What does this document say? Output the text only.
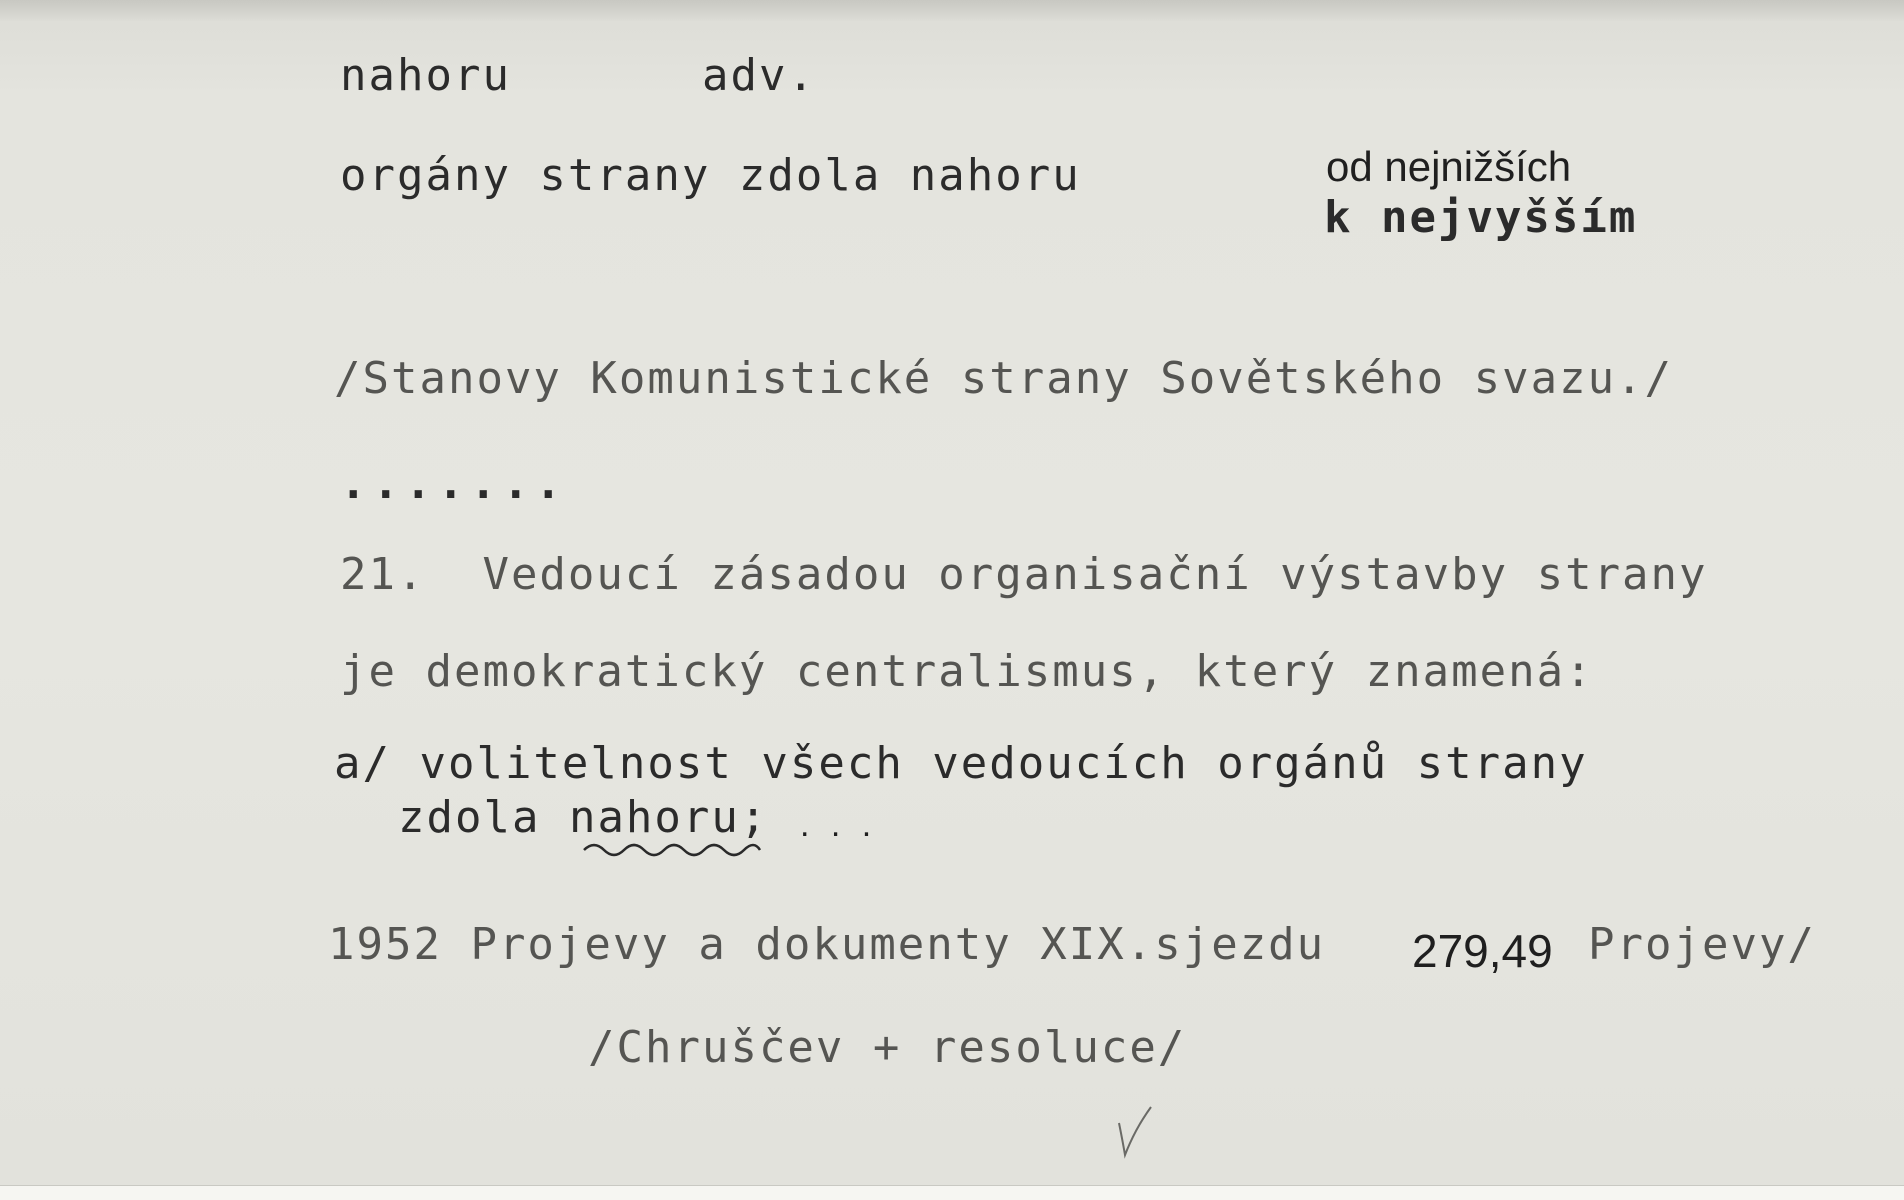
nahoru	adv.
orgány strany zdola nahoru	od nejnižších
k nejvyšším
/Stanovy Komunistické strany Sovětského svazu./
.......
21.  Vedoucí zásadou organisační výstavby strany
je demokratický centralismus, který znamená:
a/ volitelnost všech vedoucích orgánů strany
zdola nahoru; . . .
1952 Projevy a dokumenty XIX.sjezdu 279,49 Projevy/
/Chruščev + resoluce/
